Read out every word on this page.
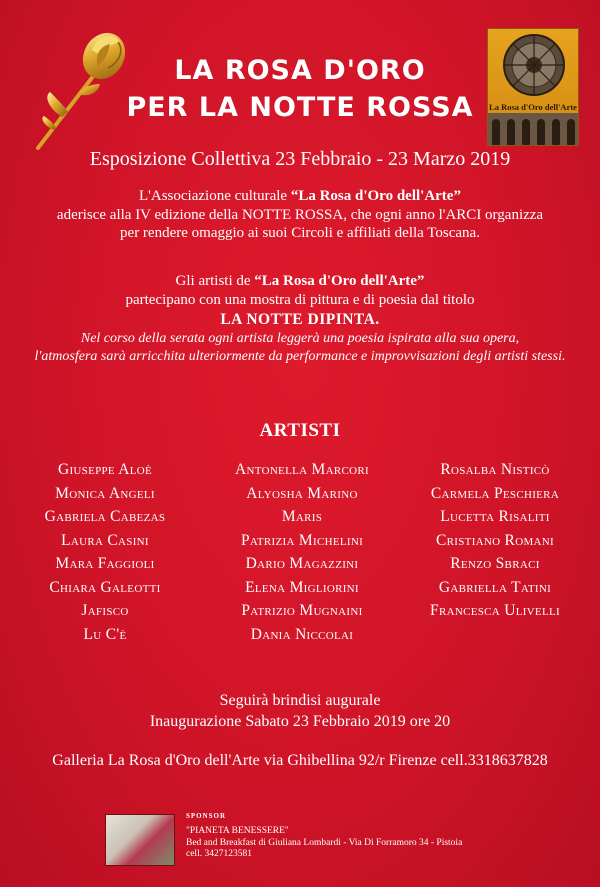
LA ROSA D'ORO
PER LA NOTTE ROSSA	La Rosa d'Oro dell'Arte
Esposizione Collettiva 23 Febbraio - 23 Marzo 2019
L'Associazione culturale “La Rosa d'Oro dell'Arte”
aderisce alla IV edizione della NOTTE ROSSA, che ogni anno l'ARCI organizza
per rendere omaggio ai suoi Circoli e affiliati della Toscana.
Gli artisti de “La Rosa d'Oro dell'Arte”
partecipano con una mostra di pittura e di poesia dal titolo
LA NOTTE DIPINTA.
Nel corso della serata ogni artista leggerà una poesia ispirata alla sua opera,
l'atmosfera sarà arricchita ulteriormente da performance e improvvisazioni degli artisti stessi.
ARTISTI
Giuseppe Aloè
Monica Angeli
Gabriela Cabezas
Laura Casini
Mara Faggioli
Chiara Galeotti
Jafisco
Lu C'è
Antonella Marcori
Alyosha Marino
Maris
Patrizia Michelini
Dario Magazzini
Elena Migliorini
Patrizio Mugnaini
Dania Niccolai
Rosalba Nisticò
Carmela Peschiera
Lucetta Risaliti
Cristiano Romani
Renzo Sbraci
Gabriella Tatini
Francesca Ulivelli
Seguirà brindisi augurale
Inaugurazione Sabato 23 Febbraio 2019 ore 20
Galleria La Rosa d'Oro dell'Arte via Ghibellina 92/r Firenze cell.3318637828
SPONSOR
"PIANETA BENESSERE"
Bed and Breakfast di Giuliana Lombardi - Via Di Forramoro 34 - Pistoia
cell. 3427123581
